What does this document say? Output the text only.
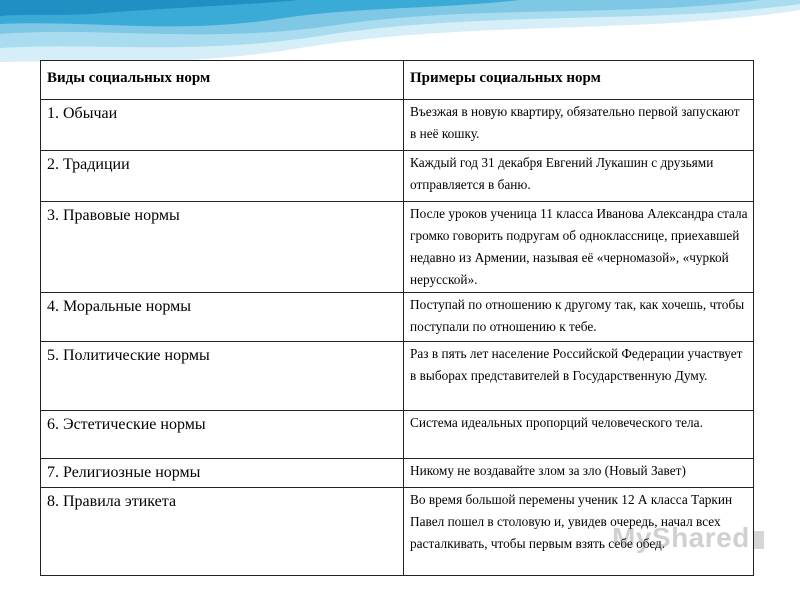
Виды социальных норм	Примеры социальных норм
1. Обычаи	Въезжая в новую квартиру, обязательно первой запускают в неё кошку.
2. Традиции	Каждый год 31 декабря Евгений Лукашин с друзьями отправляется в баню.
3. Правовые нормы	После уроков ученица 11 класса Иванова Александра стала громко говорить подругам об однокласснице, приехавшей недавно из Армении, называя её «черномазой», «чуркой нерусской».
4. Моральные нормы	Поступай по отношению к другому так, как хочешь, чтобы поступали по отношению к тебе.
5. Политические нормы	Раз в пять лет население Российской Федерации участвует в выборах представителей в Государственную Думу.
6. Эстетические нормы	Система идеальных пропорций человеческого тела.
7. Религиозные нормы	Никому не воздавайте злом за зло (Новый Завет)
8. Правила этикета	Во время большой перемены ученик 12 А класса Таркин Павел пошел в столовую и, увидев очередь, начал всех расталкивать, чтобы первым взять себе обед.
MyShared
